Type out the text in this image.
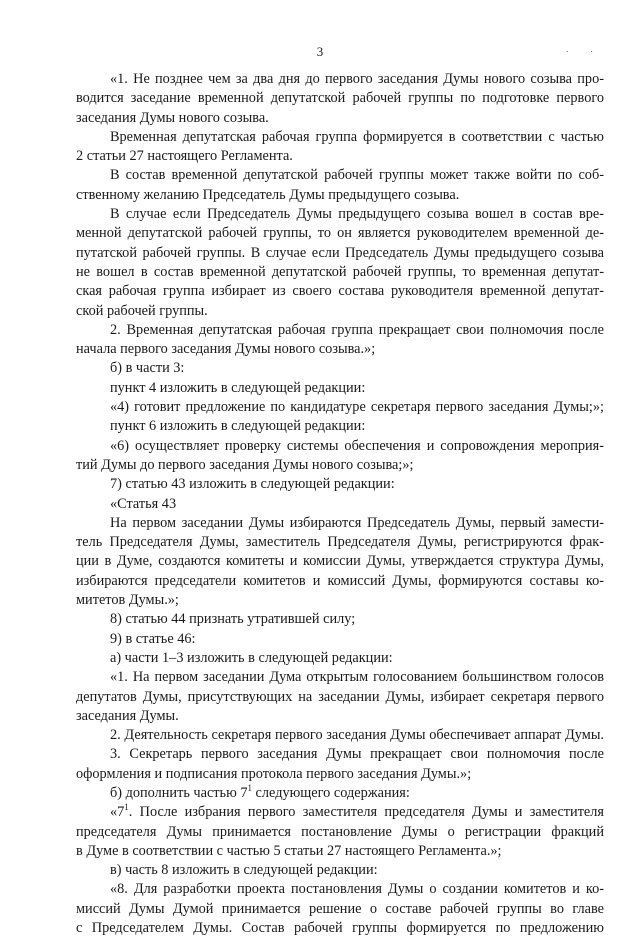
3	. .

«1. Не позднее чем за два дня до первого заседания Думы нового созыва про-

водится заседание временной депутатской рабочей группы по подготовке первого

заседания Думы нового созыва.

Временная депутатская рабочая группа формируется в соответствии с частью

2 статьи 27 настоящего Регламента.

В состав временной депутатской рабочей группы может также войти по соб-

ственному желанию Председатель Думы предыдущего созыва.

В случае если Председатель Думы предыдущего созыва вошел в состав вре-

менной депутатской рабочей группы, то он является руководителем временной де-

путатской рабочей группы. В случае если Председатель Думы предыдущего созыва

не вошел в состав временной депутатской рабочей группы, то временная депутат-

ская рабочая группа избирает из своего состава руководителя временной депутат-

ской рабочей группы.

2. Временная депутатская рабочая группа прекращает свои полномочия после

начала первого заседания Думы нового созыва.»;

б) в части 3:

пункт 4 изложить в следующей редакции:

«4) готовит предложение по кандидатуре секретаря первого заседания Думы;»;

пункт 6 изложить в следующей редакции:

«6) осуществляет проверку системы обеспечения и сопровождения мероприя-

тий Думы до первого заседания Думы нового созыва;»;

7) статью 43 изложить в следующей редакции:

«Статья 43

На первом заседании Думы избираются Председатель Думы, первый замести-

тель Председателя Думы, заместитель Председателя Думы, регистрируются фрак-

ции в Думе, создаются комитеты и комиссии Думы, утверждается структура Думы,

избираются председатели комитетов и комиссий Думы, формируются составы ко-

митетов Думы.»;

8) статью 44 признать утратившей силу;

9) в статье 46:

а) части 1–3 изложить в следующей редакции:

«1. На первом заседании Дума открытым голосованием большинством голосов

депутатов Думы, присутствующих на заседании Думы, избирает секретаря первого

заседания Думы.

2. Деятельность секретаря первого заседания Думы обеспечивает аппарат Думы.

3. Секретарь первого заседания Думы прекращает свои полномочия после

оформления и подписания протокола первого заседания Думы.»;

б) дополнить частью $7^1$ следующего содержания:

«$7^1$. После избрания первого заместителя председателя Думы и заместителя

председателя Думы принимается постановление Думы о регистрации фракций

в Думе в соответствии с частью 5 статьи 27 настоящего Регламента.»;

в) часть 8 изложить в следующей редакции:

«8. Для разработки проекта постановления Думы о создании комитетов и ко-

миссий Думы Думой принимается решение о составе рабочей группы во главе

с Председателем Думы. Состав рабочей группы формируется по предложению
